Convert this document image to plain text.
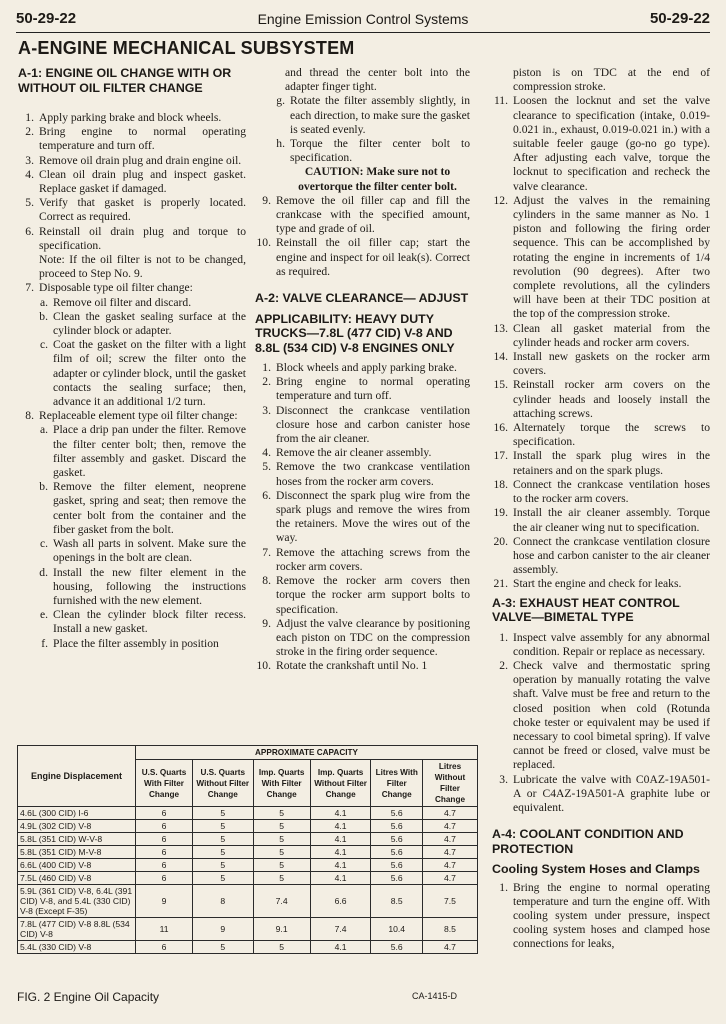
50-29-22	Engine Emission Control Systems	50-29-22
A-ENGINE MECHANICAL SUBSYSTEM
A-1: ENGINE OIL CHANGE WITH OR WITHOUT OIL FILTER CHANGE
1. Apply parking brake and block wheels.
2. Bring engine to normal operating temperature and turn off.
3. Remove oil drain plug and drain engine oil.
4. Clean oil drain plug and inspect gasket. Replace gasket if damaged.
5. Verify that gasket is properly located. Correct as required.
6. Reinstall oil drain plug and torque to specification.
Note: If the oil filter is not to be changed, proceed to Step No. 9.
7. Disposable type oil filter change:
a. Remove oil filter and discard.
b. Clean the gasket sealing surface at the cylinder block or adapter.
c. Coat the gasket on the filter with a light film of oil; screw the filter onto the adapter or cylinder block, until the gasket contacts the sealing surface; then, advance it an additional 1/2 turn.
8. Replaceable element type oil filter change:
a. Place a drip pan under the filter. Remove the filter center bolt; then, remove the filter assembly and gasket. Discard the gasket.
b. Remove the filter element, neoprene gasket, spring and seat; then remove the center bolt from the container and the fiber gasket from the bolt.
c. Wash all parts in solvent. Make sure the openings in the bolt are clean.
d. Install the new filter element in the housing, following the instructions furnished with the new element.
e. Clean the cylinder block filter recess. Install a new gasket.
f. Place the filter assembly in position
and thread the center bolt into the adapter finger tight.
g. Rotate the filter assembly slightly, in each direction, to make sure the gasket is seated evenly.
h. Torque the filter center bolt to specification.
CAUTION: Make sure not to overtorque the filter center bolt.
9. Remove the oil filler cap and fill the crankcase with the specified amount, type and grade of oil.
10. Reinstall the oil filler cap; start the engine and inspect for oil leak(s). Correct as required.
A-2: VALVE CLEARANCE— ADJUST
APPLICABILITY: HEAVY DUTY TRUCKS—7.8L (477 CID) V-8 AND 8.8L (534 CID) V-8 ENGINES ONLY
1. Block wheels and apply parking brake.
2. Bring engine to normal operating temperature and turn off.
3. Disconnect the crankcase ventilation closure hose and carbon canister hose from the air cleaner.
4. Remove the air cleaner assembly.
5. Remove the two crankcase ventilation hoses from the rocker arm covers.
6. Disconnect the spark plug wire from the spark plugs and remove the wires from the retainers. Move the wires out of the way.
7. Remove the attaching screws from the rocker arm covers.
8. Remove the rocker arm covers then torque the rocker arm support bolts to specification.
9. Adjust the valve clearance by positioning each piston on TDC on the compression stroke in the firing order sequence.
10. Rotate the crankshaft until No. 1
piston is on TDC at the end of compression stroke.
11. Loosen the locknut and set the valve clearance to specification (intake, 0.019-0.021 in., exhaust, 0.019-0.021 in.) with a suitable feeler gauge (go-no go type). After adjusting each valve, torque the locknut to specification and recheck the valve clearance.
12. Adjust the valves in the remaining cylinders in the same manner as No. 1 piston and following the firing order sequence. This can be accomplished by rotating the engine in increments of 1/4 revolution (90 degrees). After two complete revolutions, all the cylinders will have been at their TDC position at the top of the compression stroke.
13. Clean all gasket material from the cylinder heads and rocker arm covers.
14. Install new gaskets on the rocker arm covers.
15. Reinstall rocker arm covers on the cylinder heads and loosely install the attaching screws.
16. Alternately torque the screws to specification.
17. Install the spark plug wires in the retainers and on the spark plugs.
18. Connect the crankcase ventilation hoses to the rocker arm covers.
19. Install the air cleaner assembly. Torque the air cleaner wing nut to specification.
20. Connect the crankcase ventilation closure hose and carbon canister to the air cleaner assembly.
21. Start the engine and check for leaks.
A-3: EXHAUST HEAT CONTROL VALVE—BIMETAL TYPE
1. Inspect valve assembly for any abnormal condition. Repair or replace as necessary.
2. Check valve and thermostatic spring operation by manually rotating the valve shaft. Valve must be free and return to the closed position when cold (Rotunda choke tester or equivalent may be used if necessary to cool bimetal spring). If valve cannot be freed or closed, valve must be replaced.
3. Lubricate the valve with C0AZ-19A501-A or C4AZ-19A501-A graphite lube or equivalent.
A-4: COOLANT CONDITION AND PROTECTION
Cooling System Hoses and Clamps
1. Bring the engine to normal operating temperature and turn the engine off. With cooling system under pressure, inspect cooling system hoses and clamped hose connections for leaks,
Engine Displacement	APPROXIMATE CAPACITY					
	U.S. Quarts With Filter Change	U.S. Quarts Without Filter Change	Imp. Quarts With Filter Change	Imp. Quarts Without Filter Change	Litres With Filter Change	Litres Without Filter Change
4.6L (300 CID) I-6	6	5	5	4.1	5.6	4.7
4.9L (302 CID) V-8	6	5	5	4.1	5.6	4.7
5.8L (351 CID) W-V-8	6	5	5	4.1	5.6	4.7
5.8L (351 CID) M-V-8	6	5	5	4.1	5.6	4.7
6.6L (400 CID) V-8	6	5	5	4.1	5.6	4.7
7.5L (460 CID) V-8	6	5	5	4.1	5.6	4.7
5.9L (361 CID) V-8, 6.4L (391 CID) V-8, and 5.4L (330 CID) V-8 (Except F-35)	9	8	7.4	6.6	8.5	7.5
7.8L (477 CID) V-8 8.8L (534 CID) V-8	11	9	9.1	7.4	10.4	8.5
5.4L (330 CID) V-8	6	5	5	4.1	5.6	4.7
FIG. 2 Engine Oil Capacity	CA-1415-D
